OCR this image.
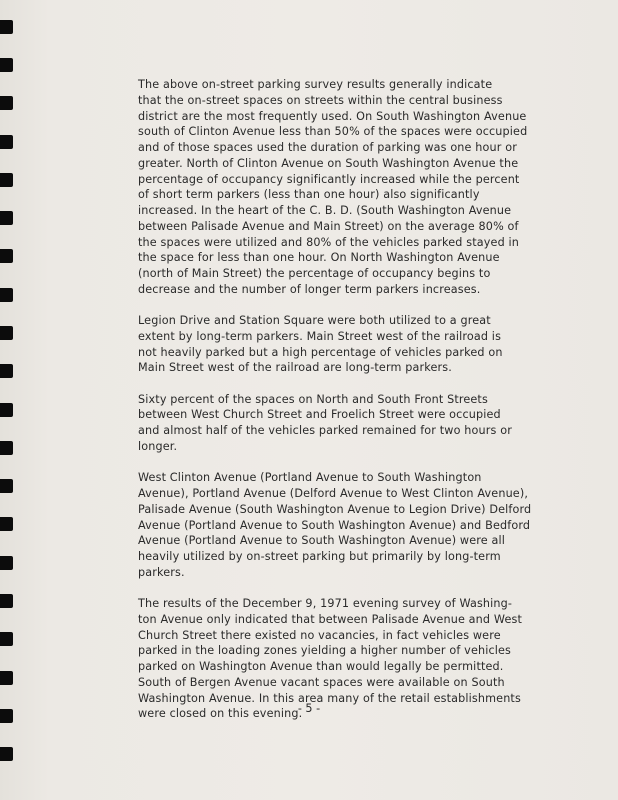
The above on-street parking survey results generally indicate
that the on-street spaces on streets within the central business
district are the most frequently used. On South Washington Avenue
south of Clinton Avenue less than 50% of the spaces were occupied
and of those spaces used the duration of parking was one hour or
greater. North of Clinton Avenue on South Washington Avenue the
percentage of occupancy significantly increased while the percent
of short term parkers (less than one hour) also significantly
increased. In the heart of the C. B. D. (South Washington Avenue
between Palisade Avenue and Main Street) on the average 80% of
the spaces were utilized and 80% of the vehicles parked stayed in
the space for less than one hour. On North Washington Avenue
(north of Main Street) the percentage of occupancy begins to
decrease and the number of longer term parkers increases.

Legion Drive and Station Square were both utilized to a great
extent by long-term parkers. Main Street west of the railroad is
not heavily parked but a high percentage of vehicles parked on
Main Street west of the railroad are long-term parkers.

Sixty percent of the spaces on North and South Front Streets
between West Church Street and Froelich Street were occupied
and almost half of the vehicles parked remained for two hours or
longer.

West Clinton Avenue (Portland Avenue to South Washington
Avenue), Portland Avenue (Delford Avenue to West Clinton Avenue),
Palisade Avenue (South Washington Avenue to Legion Drive) Delford
Avenue (Portland Avenue to South Washington Avenue) and Bedford
Avenue (Portland Avenue to South Washington Avenue) were all
heavily utilized by on-street parking but primarily by long-term
parkers.

The results of the December 9, 1971 evening survey of Washing-
ton Avenue only indicated that between Palisade Avenue and West
Church Street there existed no vacancies, in fact vehicles were
parked in the loading zones yielding a higher number of vehicles
parked on Washington Avenue than would legally be permitted.
South of Bergen Avenue vacant spaces were available on South
Washington Avenue. In this area many of the retail establishments
were closed on this evening.

- 5 -
